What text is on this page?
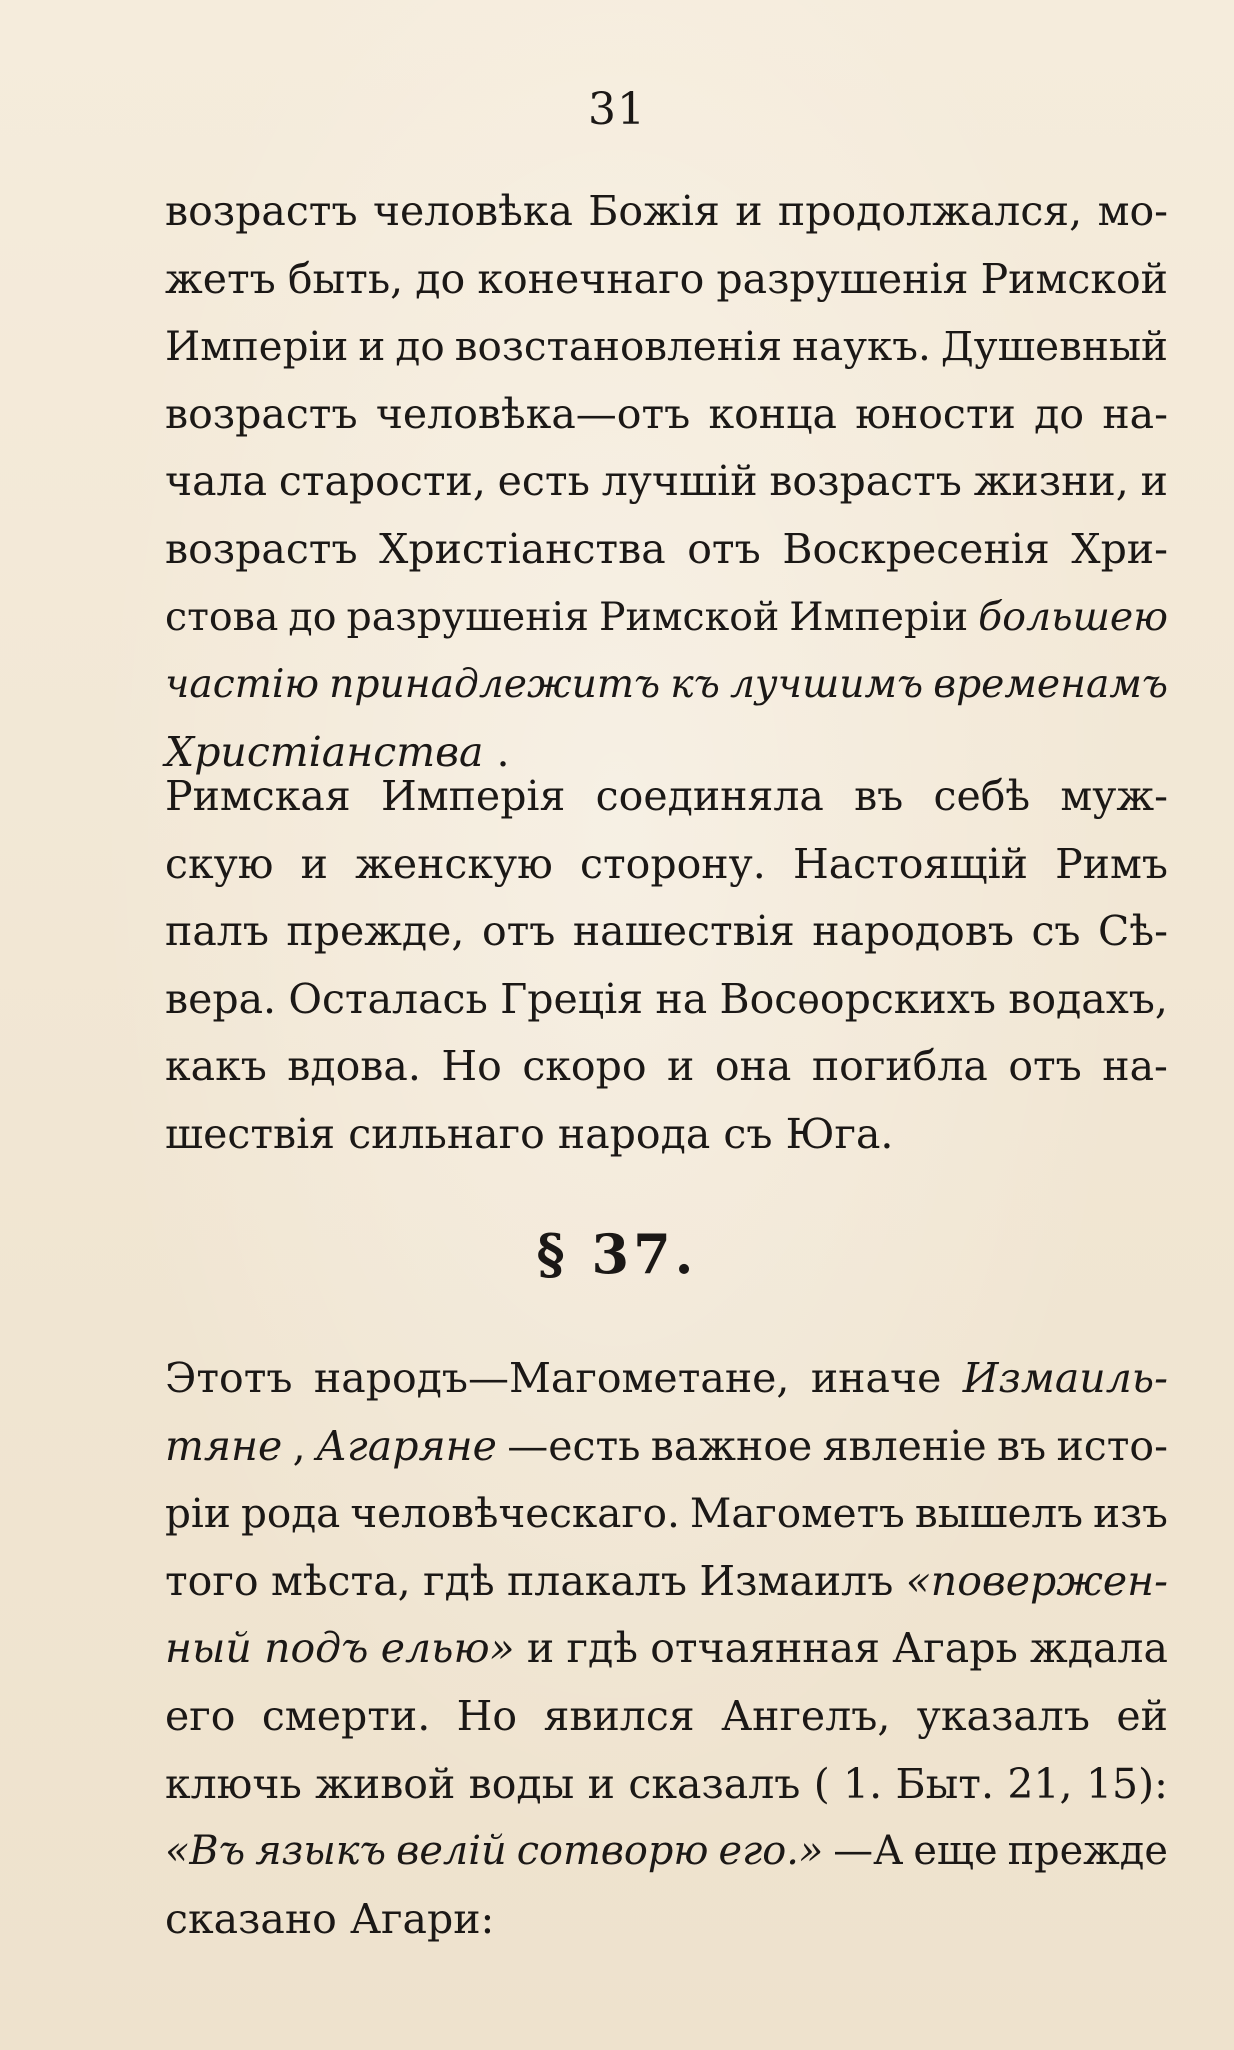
31
возрастъ человѣка Божія и продолжался, мо-
жетъ быть, до конечнаго разрушенія Римской
Имперіи и до возстановленія наукъ. Душевный
возрастъ человѣка—отъ конца юности до на-
чала старости, есть лучшій возрастъ жизни, и
возрастъ Христіанства отъ Воскресенія Хри-
стова до разрушенія Римской Имперіи большею
частію принадлежитъ къ лучшимъ временамъ
Христіанства .
Римская Имперія соединяла въ себѣ муж-
скую и женскую сторону. Настоящій Римъ
палъ прежде, отъ нашествія народовъ съ Сѣ-
вера. Осталась Греція на Восѳорскихъ водахъ,
какъ вдова. Но скоро и она погибла отъ на-
шествія сильнаго народа съ Юга.
§ 37.
Этотъ народъ—Магометане, иначе Измаиль-
тяне , Агаряне —есть важное явленіе въ исто-
ріи рода человѣческаго. Магометъ вышелъ изъ
того мѣста, гдѣ плакалъ Измаилъ «повержен-
ный подъ елью» и гдѣ отчаянная Агарь ждала
его смерти. Но явился Ангелъ, указалъ ей
ключь живой воды и сказалъ ( 1. Быт. 21, 15):
«Въ языкъ велій сотворю его.» —А еще прежде
сказано Агари:
